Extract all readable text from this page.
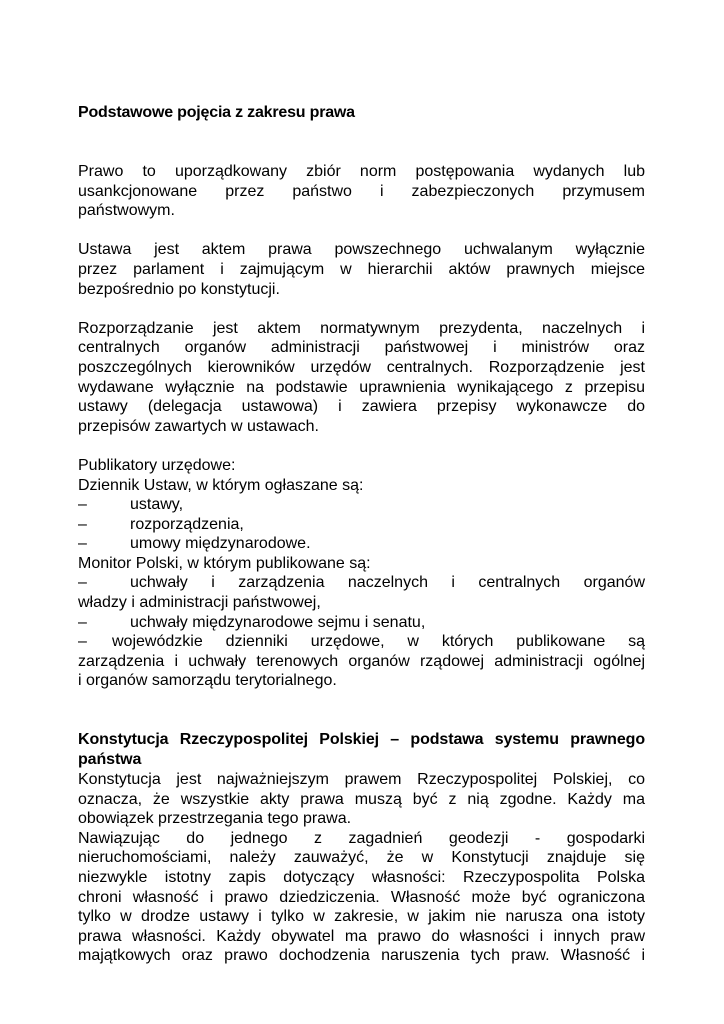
Podstawowe pojęcia z zakresu prawa

Prawo to uporządkowany zbiór norm postępowania wydanych lub
usankcjonowane przez państwo i zabezpieczonych przymusem
państwowym.

Ustawa jest aktem prawa powszechnego uchwalanym wyłącznie
przez parlament i zajmującym w hierarchii aktów prawnych miejsce
bezpośrednio po konstytucji.

Rozporządzanie jest aktem normatywnym prezydenta, naczelnych i
centralnych organów administracji państwowej i ministrów oraz
poszczególnych kierowników urzędów centralnych. Rozporządzenie jest
wydawane wyłącznie na podstawie uprawnienia wynikającego z przepisu
ustawy (delegacja ustawowa) i zawiera przepisy wykonawcze do
przepisów zawartych w ustawach.

Publikatory urzędowe:

Dziennik Ustaw, w którym ogłaszane są:

–	ustawy,
–	rozporządzenia,
–	umowy międzynarodowe.

Monitor Polski, w którym publikowane są:

–	uchwały i zarządzenia naczelnych i centralnych organów
władzy i administracji państwowej,
–	uchwały międzynarodowe sejmu i senatu,
– wojewódzkie dzienniki urzędowe, w których publikowane są
zarządzenia i uchwały terenowych organów rządowej administracji ogólnej
i organów samorządu terytorialnego.
Konstytucja Rzeczypospolitej Polskiej – podstawa systemu prawnego
państwa

Konstytucja jest najważniejszym prawem Rzeczypospolitej Polskiej, co
oznacza, że wszystkie akty prawa muszą być z nią zgodne. Każdy ma
obowiązek przestrzegania tego prawa.

Nawiązując do jednego z zagadnień geodezji - gospodarki
nieruchomościami, należy zauważyć, że w Konstytucji znajduje się
niezwykle istotny zapis dotyczący własności: Rzeczypospolita Polska
chroni własność i prawo dziedziczenia. Własność może być ograniczona
tylko w drodze ustawy i tylko w zakresie, w jakim nie narusza ona istoty
prawa własności. Każdy obywatel ma prawo do własności i innych praw
majątkowych oraz prawo dochodzenia naruszenia tych praw. Własność i
